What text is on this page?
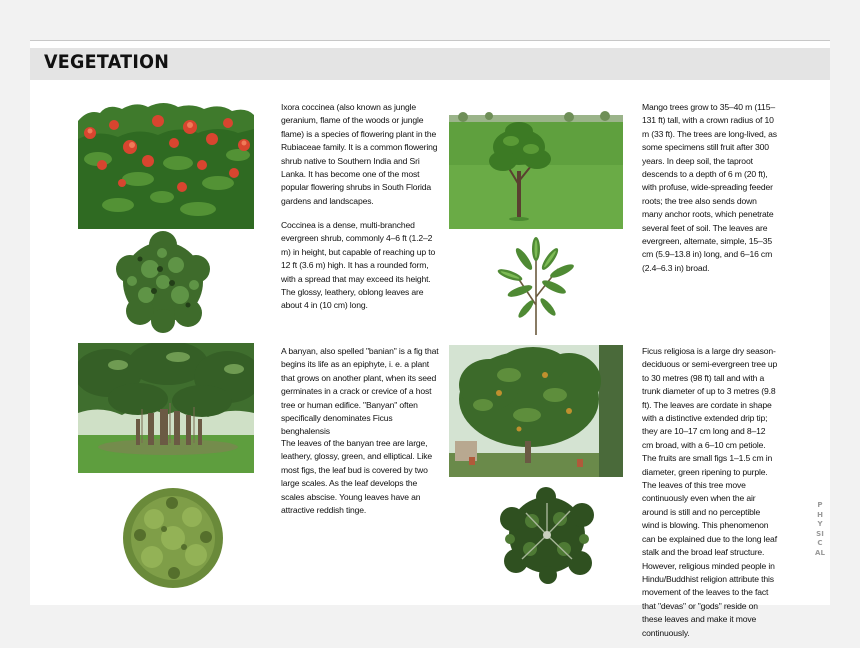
VEGETATION

Ixora coccinea (also known as jungle geranium, flame of the woods or jungle flame) is a species of flowering plant in the Rubiaceae family. It is a common flowering shrub native to Southern India and Sri Lanka. It has become one of the most popular flowering shrubs in South Florida gardens and landscapes.

Coccinea is a dense, multi-branched evergreen shrub, commonly 4–6 ft (1.2–2 m) in height, but capable of reaching up to 12 ft (3.6 m) high. It has a rounded form, with a spread that may exceed its height. The glossy, leathery, oblong leaves are about 4 in (10 cm) long.

Mango trees grow to 35–40 m (115–131 ft) tall, with a crown radius of 10 m (33 ft). The trees are long-lived, as some specimens still fruit after 300 years. In deep soil, the taproot descends to a depth of 6 m (20 ft), with profuse, wide-spreading feeder roots; the tree also sends down many anchor roots, which penetrate several feet of soil. The leaves are evergreen, alternate, simple, 15–35 cm (5.9–13.8 in) long, and 6–16 cm (2.4–6.3 in) broad.

A banyan, also spelled "banian" is a fig that begins its life as an epiphyte, i. e. a plant that grows on another plant, when its seed germinates in a crack or crevice of a host tree or human edifice. "Banyan" often specifically denominates Ficus benghalensis

The leaves of the banyan tree are large, leathery, glossy, green, and elliptical. Like most figs, the leaf bud is covered by two large scales. As the leaf develops the scales abscise. Young leaves have an attractive reddish tinge.

Ficus religiosa is a large dry season-deciduous or semi-evergreen tree up to 30 metres (98 ft) tall and with a trunk diameter of up to 3 metres (9.8 ft). The leaves are cordate in shape with a distinctive extended drip tip; they are 10–17 cm long and 8–12 cm broad, with a 6–10 cm petiole. The fruits are small figs 1–1.5 cm in diameter, green ripening to purple. The leaves of this tree move continuously even when the air around is still and no perceptible wind is blowing. This phenomenon can be explained due to the long leaf stalk and the broad leaf structure. However, religious minded people in Hindu/Buddhist religion attribute this movement of the leaves to the fact that "devas" or "gods" reside on these leaves and make it move continuously.

PHYSICAL
